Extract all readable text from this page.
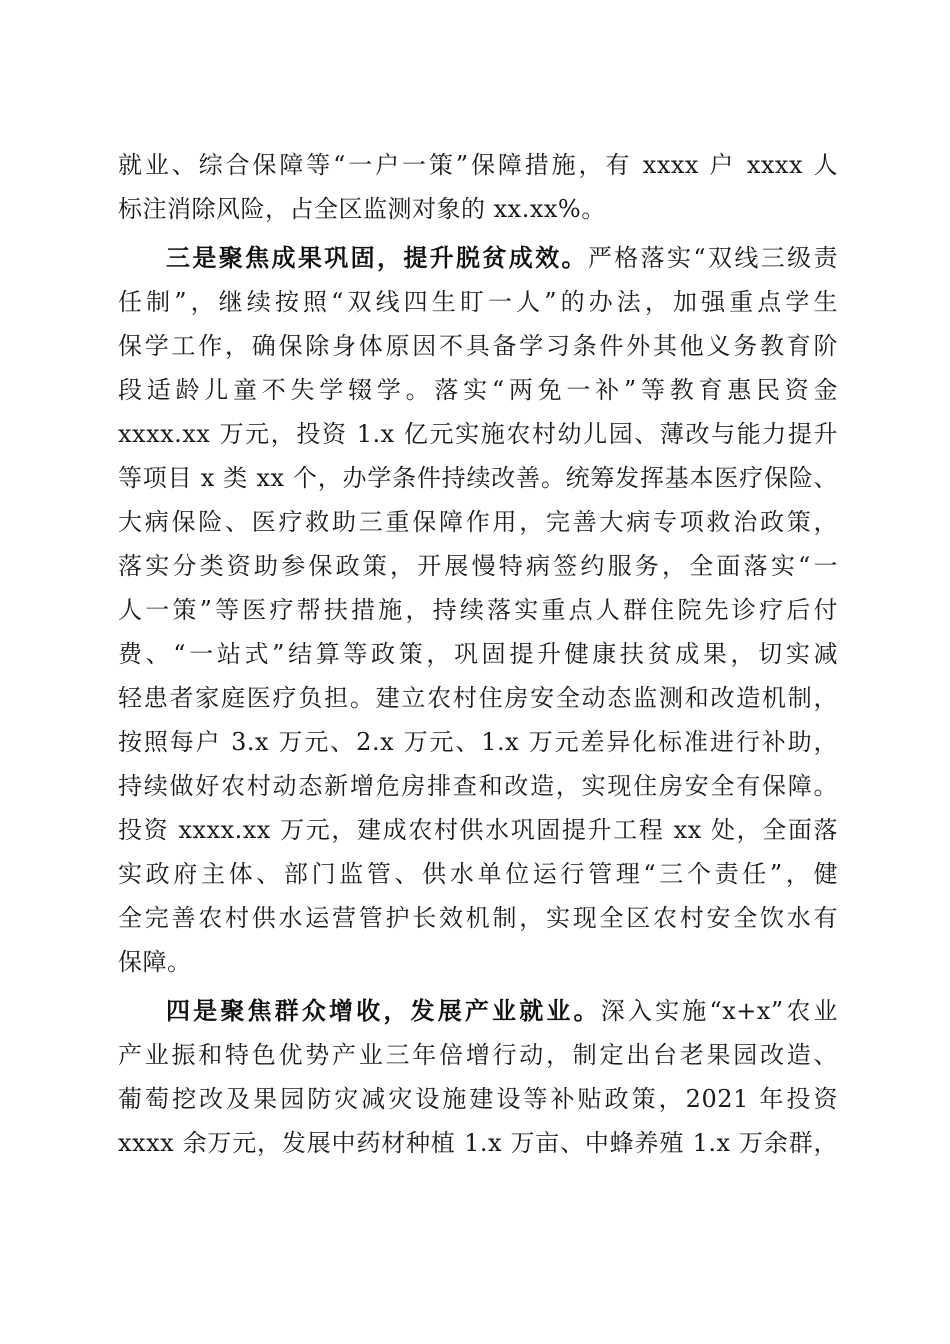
就业、综合保障等“一户一策”保障措施，有 xxxx 户 xxxx 人
标注消除风险，占全区监测对象的 xx.xx%。
三是聚焦成果巩固，提升脱贫成效。严格落实“双线三级责
任制”，继续按照“双线四生盯一人”的办法，加强重点学生
保学工作，确保除身体原因不具备学习条件外其他义务教育阶
段适龄儿童不失学辍学。落实“两免一补”等教育惠民资金
xxxx.xx 万元，投资 1.x 亿元实施农村幼儿园、薄改与能力提升
等项目 x 类 xx 个，办学条件持续改善。统筹发挥基本医疗保险、
大病保险、医疗救助三重保障作用，完善大病专项救治政策，
落实分类资助参保政策，开展慢特病签约服务，全面落实“一
人一策”等医疗帮扶措施，持续落实重点人群住院先诊疗后付
费、“一站式”结算等政策，巩固提升健康扶贫成果，切实减
轻患者家庭医疗负担。建立农村住房安全动态监测和改造机制，
按照每户 3.x 万元、2.x 万元、1.x 万元差异化标准进行补助，
持续做好农村动态新增危房排查和改造，实现住房安全有保障。
投资 xxxx.xx 万元，建成农村供水巩固提升工程 xx 处，全面落
实政府主体、部门监管、供水单位运行管理“三个责任”，健
全完善农村供水运营管护长效机制，实现全区农村安全饮水有
保障。
四是聚焦群众增收，发展产业就业。深入实施“x+x”农业
产业振和特色优势产业三年倍增行动，制定出台老果园改造、
葡萄挖改及果园防灾减灾设施建设等补贴政策，2021 年投资
xxxx 余万元，发展中药材种植 1.x 万亩、中蜂养殖 1.x 万余群，
